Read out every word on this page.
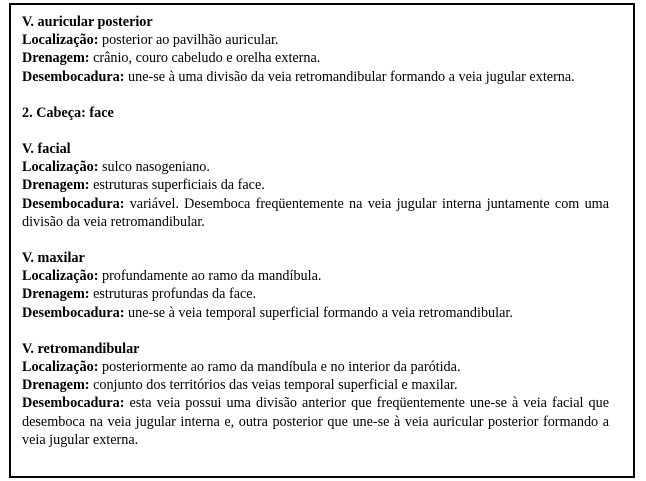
V. auricular posterior
Localização: posterior ao pavilhão auricular.
Drenagem: crânio, couro cabeludo e orelha externa.
Desembocadura: une-se à uma divisão da veia retromandibular formando a veia jugular externa.
2. Cabeça: face
V. facial
Localização: sulco nasogeniano.
Drenagem: estruturas superficiais da face.
Desembocadura: variável. Desemboca freqüentemente na veia jugular interna juntamente com uma divisão da veia retromandibular.
V. maxilar
Localização: profundamente ao ramo da mandíbula.
Drenagem: estruturas profundas da face.
Desembocadura: une-se à veia temporal superficial formando a veia retromandibular.
V. retromandibular
Localização: posteriormente ao ramo da mandíbula e no interior da parótida.
Drenagem: conjunto dos territórios das veias temporal superficial e maxilar.
Desembocadura: esta veia possui uma divisão anterior que freqüentemente une-se à veia facial que desemboca na veia jugular interna e, outra posterior que une-se à veia auricular posterior formando a veia jugular externa.
